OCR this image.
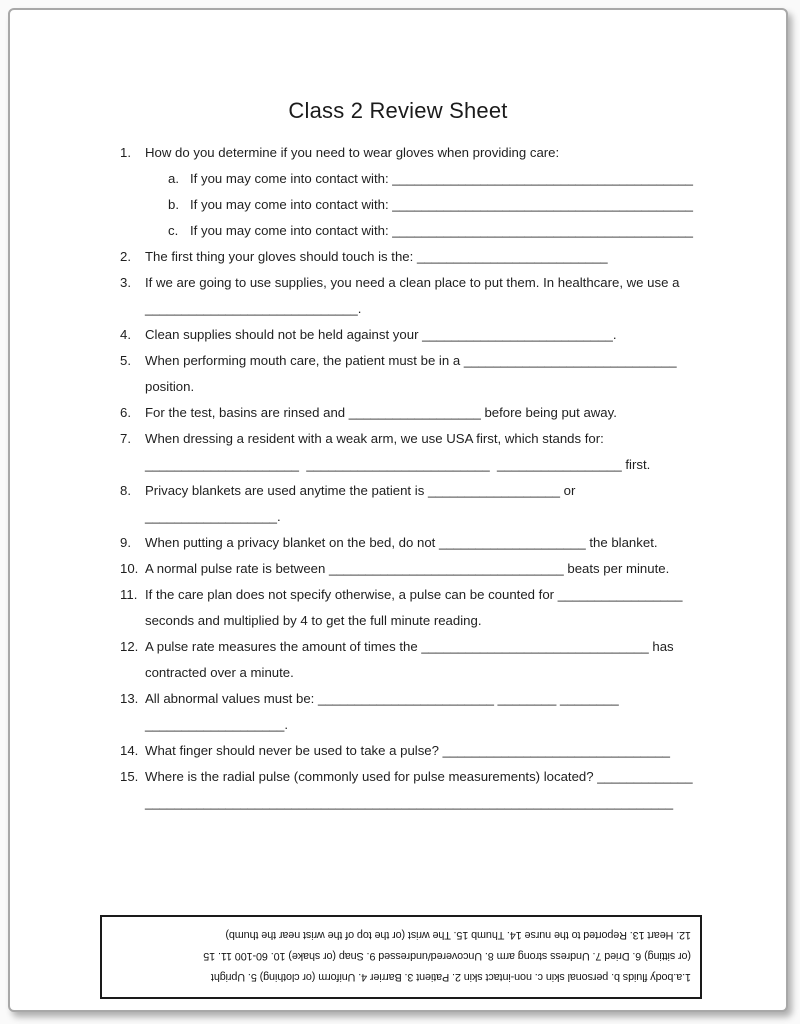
Class 2 Review Sheet
1.	How do you determine if you need to wear gloves when providing care:
a. If you may come into contact with: _________________________________________
b. If you may come into contact with: _________________________________________
c. If you may come into contact with: _________________________________________
2.	The first thing your gloves should touch is the: __________________________
3.	If we are going to use supplies, you need a clean place to put them. In healthcare, we use a
_____________________________.
4.	Clean supplies should not be held against your __________________________.
5.	When performing mouth care, the patient must be in a _____________________________
position.
6.	For the test, basins are rinsed and __________________ before being put away.
7.	When dressing a resident with a weak arm, we use USA first, which stands for:
_____________________  _________________________  _________________ first.
8.	Privacy blankets are used anytime the patient is __________________ or
__________________.
9.	When putting a privacy blanket on the bed, do not ____________________ the blanket.
10. A normal pulse rate is between ________________________________ beats per minute.
11. If the care plan does not specify otherwise, a pulse can be counted for _________________
seconds and multiplied by 4 to get the full minute reading.
12. A pulse rate measures the amount of times the _______________________________ has
contracted over a minute.
13. All abnormal values must be: ________________________ ________ ________
___________________.
14. What finger should never be used to take a pulse? _______________________________
15. Where is the radial pulse (commonly used for pulse measurements) located? _____________
________________________________________________________________________
1.a.body fluids b. personal skin c. non-intact skin 2. Patient 3. Barrier 4. Uniform (or clothing) 5. Upright
(or sitting) 6. Dried 7. Undress strong arm 8. Uncovered/undressed 9. Snap (or shake) 10. 60-100 11. 15
12. Heart 13. Reported to the nurse 14. Thumb 15. The wrist (or the top of the wrist near the thumb)
